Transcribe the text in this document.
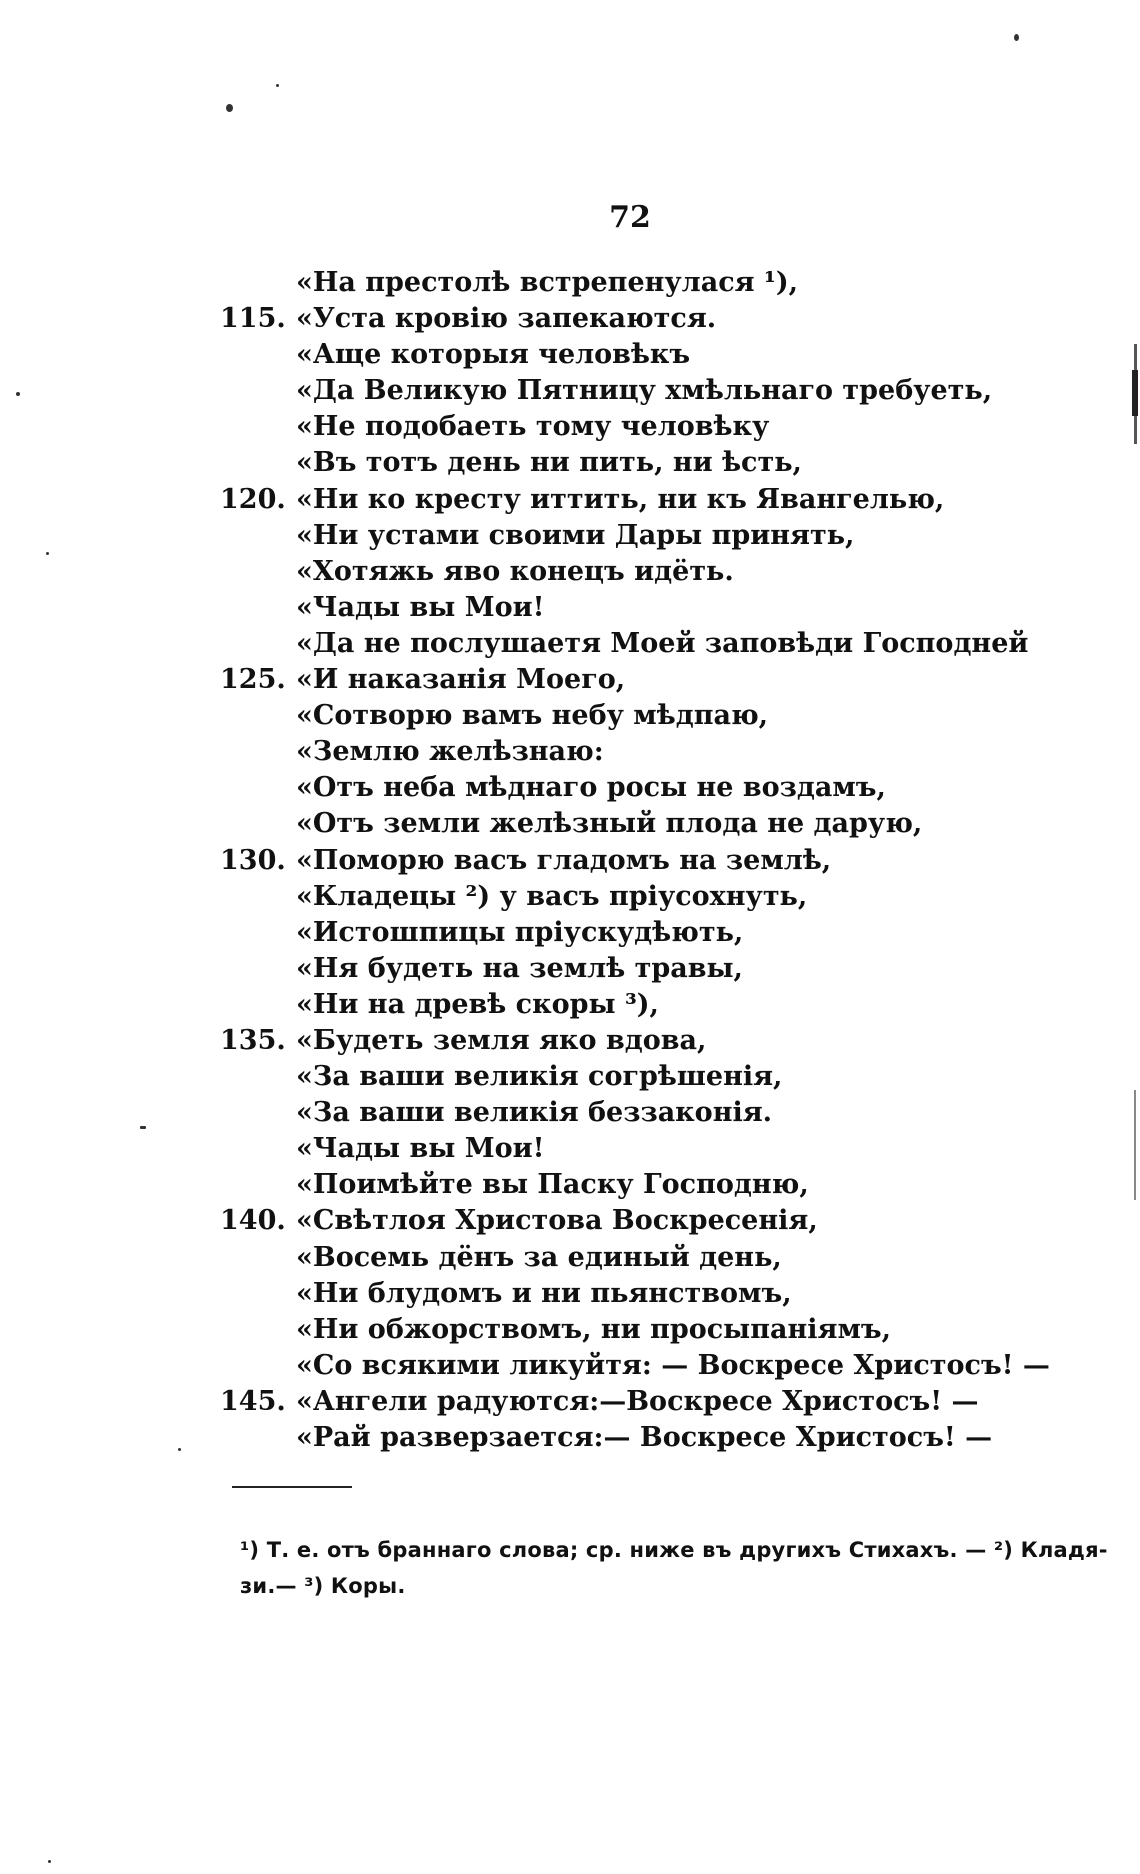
72
«На престолѣ встрепенулася ¹),
115. «Уста кровiю запекаются.
«Аще которыя человѣкъ
«Да Великую Пятницу хмѣльнаго требуеть,
«Не подобаеть тому человѣку
«Въ тотъ день ни пить, ни ѣсть,
120. «Ни ко кресту иттить, ни къ Явангелью,
«Ни устами своими Дары принять,
«Хотяжь яво конецъ идёть.
«Чады вы Мои!
«Да не послушаетя Моей заповѣди Господней
125. «И наказанiя Моего,
«Сотворю вамъ небу мѣдпаю,
«Землю желѣзнаю:
«Отъ неба мѣднаго росы не воздамъ,
«Отъ земли желѣзный плода не дарую,
130. «Поморю васъ гладомъ на землѣ,
«Кладецы ²) у васъ прiусохнуть,
«Истошпицы прiускудѣють,
«Ня будеть на землѣ травы,
«Ни на древѣ скоры ³),
135. «Будеть земля яко вдова,
«За ваши великiя согрѣшенiя,
«За ваши великiя беззаконiя.
«Чады вы Мои!
«Поимѣйте вы Паску Господню,
140. «Свѣтлоя Христова Воскресенiя,
«Восемь дёнъ за единый день,
«Ни блудомъ и ни пьянствомъ,
«Ни обжорствомъ, ни просыпанiямъ,
«Со всякими ликуйтя: — Воскресе Христосъ! —
145. «Ангели радуются:—Воскресе Христосъ! —
«Рай разверзается:— Воскресе Христосъ! —
¹) Т. е. отъ браннаго слова; ср. ниже въ другихъ Стихахъ. — ²) Кладя-
зи.— ³) Коры.
